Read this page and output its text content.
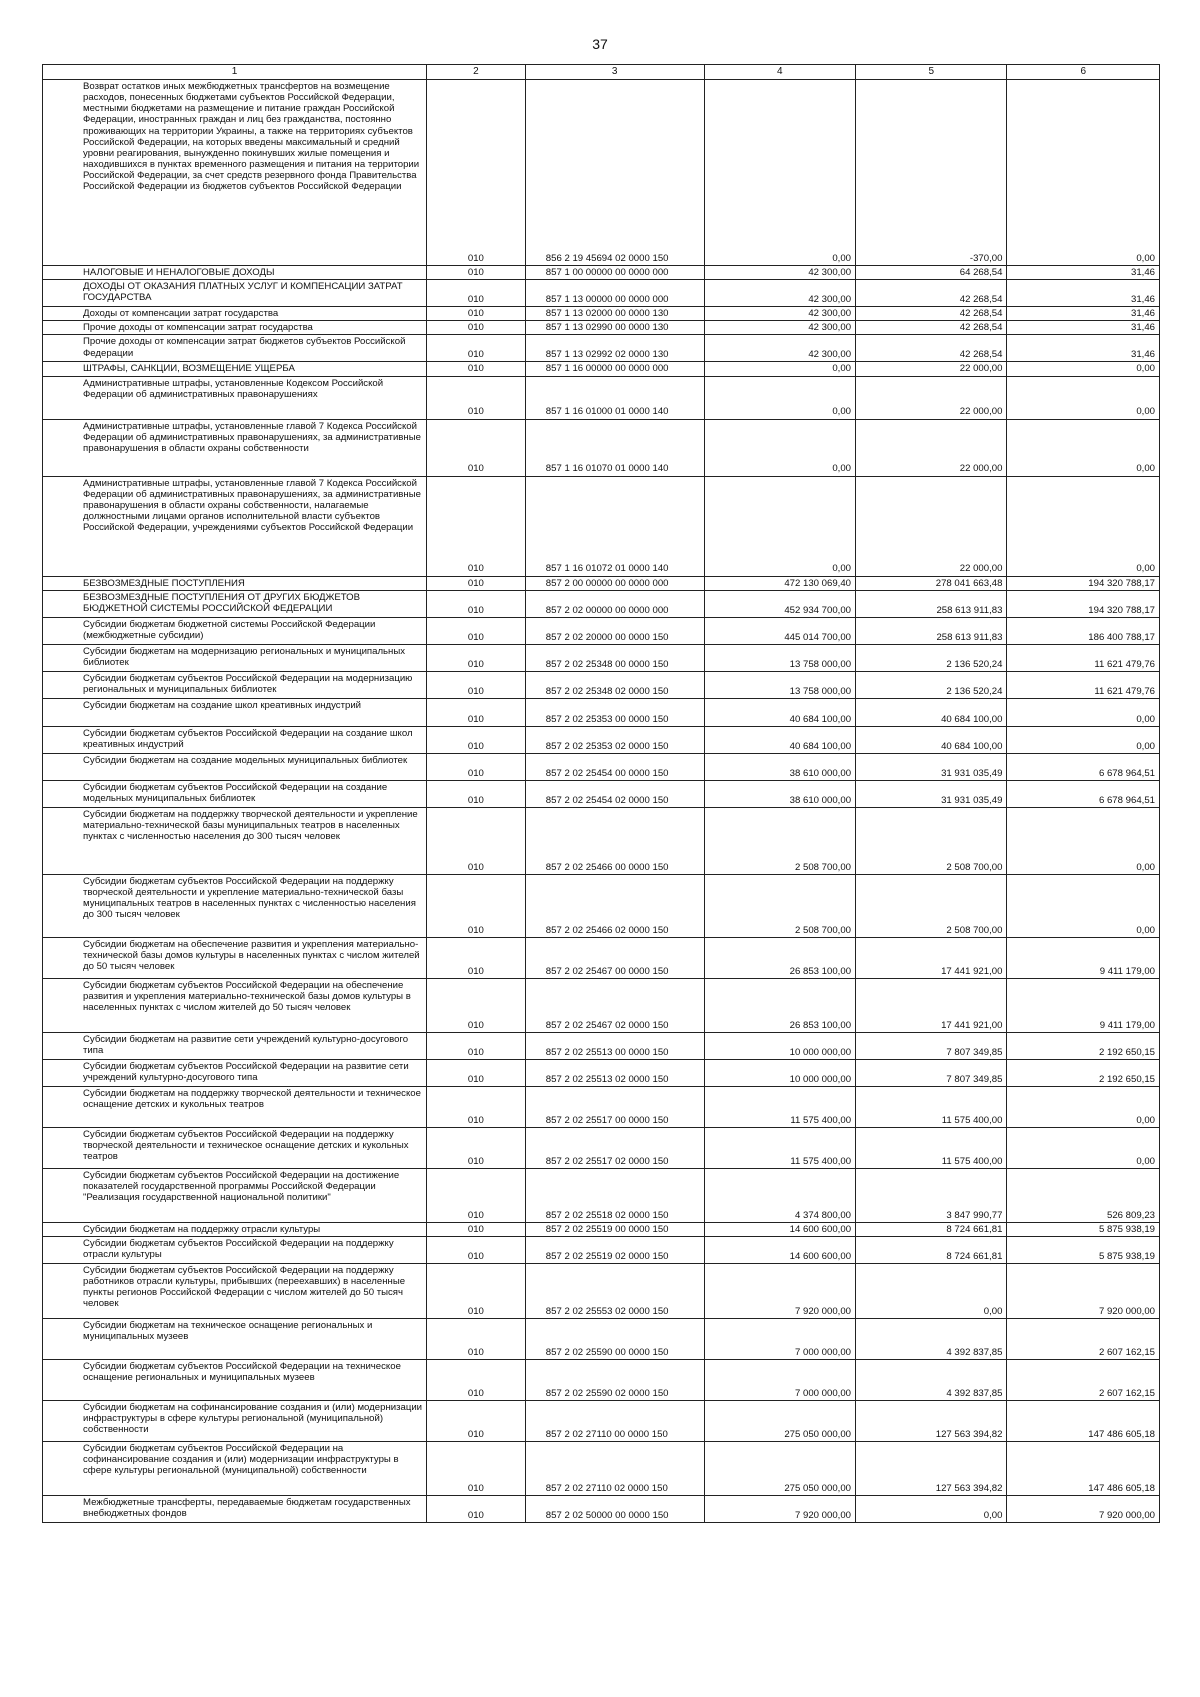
37
1	2	3	4	5	6
Возврат остатков иных межбюджетных трансфертов на возмещение расходов, понесенных бюджетами субъектов Российской Федерации, местными бюджетами на размещение и питание граждан Российской Федерации, иностранных граждан и лиц без гражданства, постоянно проживающих на территории Украины, а также на территориях субъектов Российской Федерации, на которых введены максимальный и средний уровни реагирования, вынужденно покинувших жилые помещения и находившихся в пунктах временного размещения и питания на территории Российской Федерации, за счет средств резервного фонда Правительства Российской Федерации из бюджетов субъектов Российской Федерации	010	856 2 19 45694 02 0000 150	0,00	-370,00	0,00
НАЛОГОВЫЕ И НЕНАЛОГОВЫЕ ДОХОДЫ	010	857 1 00 00000 00 0000 000	42 300,00	64 268,54	31,46
ДОХОДЫ ОТ ОКАЗАНИЯ ПЛАТНЫХ УСЛУГ И КОМПЕНСАЦИИ ЗАТРАТ ГОСУДАРСТВА	010	857 1 13 00000 00 0000 000	42 300,00	42 268,54	31,46
Доходы от компенсации затрат государства	010	857 1 13 02000 00 0000 130	42 300,00	42 268,54	31,46
Прочие доходы от компенсации затрат государства	010	857 1 13 02990 00 0000 130	42 300,00	42 268,54	31,46
Прочие доходы от компенсации затрат бюджетов субъектов Российской Федерации	010	857 1 13 02992 02 0000 130	42 300,00	42 268,54	31,46
ШТРАФЫ, САНКЦИИ, ВОЗМЕЩЕНИЕ УЩЕРБА	010	857 1 16 00000 00 0000 000	0,00	22 000,00	0,00
Административные штрафы, установленные Кодексом Российской Федерации об административных правонарушениях	010	857 1 16 01000 01 0000 140	0,00	22 000,00	0,00
Административные штрафы, установленные главой 7 Кодекса Российской Федерации об административных правонарушениях, за административные правонарушения в области охраны собственности	010	857 1 16 01070 01 0000 140	0,00	22 000,00	0,00
Административные штрафы, установленные главой 7 Кодекса Российской Федерации об административных правонарушениях, за административные правонарушения в области охраны собственности, налагаемые должностными лицами органов исполнительной власти субъектов Российской Федерации, учреждениями субъектов Российской Федерации	010	857 1 16 01072 01 0000 140	0,00	22 000,00	0,00
БЕЗВОЗМЕЗДНЫЕ ПОСТУПЛЕНИЯ	010	857 2 00 00000 00 0000 000	472 130 069,40	278 041 663,48	194 320 788,17
БЕЗВОЗМЕЗДНЫЕ ПОСТУПЛЕНИЯ ОТ ДРУГИХ БЮДЖЕТОВ БЮДЖЕТНОЙ СИСТЕМЫ РОССИЙСКОЙ ФЕДЕРАЦИИ	010	857 2 02 00000 00 0000 000	452 934 700,00	258 613 911,83	194 320 788,17
Субсидии бюджетам бюджетной системы Российской Федерации (межбюджетные субсидии)	010	857 2 02 20000 00 0000 150	445 014 700,00	258 613 911,83	186 400 788,17
Субсидии бюджетам на модернизацию региональных и муниципальных библиотек	010	857 2 02 25348 00 0000 150	13 758 000,00	2 136 520,24	11 621 479,76
Субсидии бюджетам субъектов Российской Федерации на модернизацию региональных и муниципальных библиотек	010	857 2 02 25348 02 0000 150	13 758 000,00	2 136 520,24	11 621 479,76
Субсидии бюджетам на создание школ креативных индустрий	010	857 2 02 25353 00 0000 150	40 684 100,00	40 684 100,00	0,00
Субсидии бюджетам субъектов Российской Федерации на создание школ креативных индустрий	010	857 2 02 25353 02 0000 150	40 684 100,00	40 684 100,00	0,00
Субсидии бюджетам на создание модельных муниципальных библиотек	010	857 2 02 25454 00 0000 150	38 610 000,00	31 931 035,49	6 678 964,51
Субсидии бюджетам субъектов Российской Федерации на создание модельных муниципальных библиотек	010	857 2 02 25454 02 0000 150	38 610 000,00	31 931 035,49	6 678 964,51
Субсидии бюджетам на поддержку творческой деятельности и укрепление материально-технической базы муниципальных театров в населенных пунктах с численностью населения до 300 тысяч человек	010	857 2 02 25466 00 0000 150	2 508 700,00	2 508 700,00	0,00
Субсидии бюджетам субъектов Российской Федерации на поддержку творческой деятельности и укрепление материально-технической базы муниципальных театров в населенных пунктах с численностью населения до 300 тысяч человек	010	857 2 02 25466 02 0000 150	2 508 700,00	2 508 700,00	0,00
Субсидии бюджетам на обеспечение развития и укрепления материально-технической базы домов культуры в населенных пунктах с числом жителей до 50 тысяч человек	010	857 2 02 25467 00 0000 150	26 853 100,00	17 441 921,00	9 411 179,00
Субсидии бюджетам субъектов Российской Федерации на обеспечение развития и укрепления материально-технической базы домов культуры в населенных пунктах с числом жителей до 50 тысяч человек	010	857 2 02 25467 02 0000 150	26 853 100,00	17 441 921,00	9 411 179,00
Субсидии бюджетам на развитие сети учреждений культурно-досугового типа	010	857 2 02 25513 00 0000 150	10 000 000,00	7 807 349,85	2 192 650,15
Субсидии бюджетам субъектов Российской Федерации на развитие сети учреждений культурно-досугового типа	010	857 2 02 25513 02 0000 150	10 000 000,00	7 807 349,85	2 192 650,15
Субсидии бюджетам на поддержку творческой деятельности и техническое оснащение детских и кукольных театров	010	857 2 02 25517 00 0000 150	11 575 400,00	11 575 400,00	0,00
Субсидии бюджетам субъектов Российской Федерации на поддержку творческой деятельности и техническое оснащение детских и кукольных театров	010	857 2 02 25517 02 0000 150	11 575 400,00	11 575 400,00	0,00
Субсидии бюджетам субъектов Российской Федерации на достижение показателей государственной программы Российской Федерации "Реализация государственной национальной политики"	010	857 2 02 25518 02 0000 150	4 374 800,00	3 847 990,77	526 809,23
Субсидии бюджетам на поддержку отрасли культуры	010	857 2 02 25519 00 0000 150	14 600 600,00	8 724 661,81	5 875 938,19
Субсидии бюджетам субъектов Российской Федерации на поддержку отрасли культуры	010	857 2 02 25519 02 0000 150	14 600 600,00	8 724 661,81	5 875 938,19
Субсидии бюджетам субъектов Российской Федерации на поддержку работников отрасли культуры, прибывших (переехавших) в населенные пункты регионов Российской Федерации с числом жителей до 50 тысяч человек	010	857 2 02 25553 02 0000 150	7 920 000,00	0,00	7 920 000,00
Субсидии бюджетам на техническое оснащение региональных и муниципальных музеев	010	857 2 02 25590 00 0000 150	7 000 000,00	4 392 837,85	2 607 162,15
Субсидии бюджетам субъектов Российской Федерации на техническое оснащение региональных и муниципальных музеев	010	857 2 02 25590 02 0000 150	7 000 000,00	4 392 837,85	2 607 162,15
Субсидии бюджетам на софинансирование создания и (или) модернизации инфраструктуры в сфере культуры региональной (муниципальной) собственности	010	857 2 02 27110 00 0000 150	275 050 000,00	127 563 394,82	147 486 605,18
Субсидии бюджетам субъектов Российской Федерации на софинансирование создания и (или) модернизации инфраструктуры в сфере культуры региональной (муниципальной) собственности	010	857 2 02 27110 02 0000 150	275 050 000,00	127 563 394,82	147 486 605,18
Межбюджетные трансферты, передаваемые бюджетам государственных внебюджетных фондов	010	857 2 02 50000 00 0000 150	7 920 000,00	0,00	7 920 000,00
